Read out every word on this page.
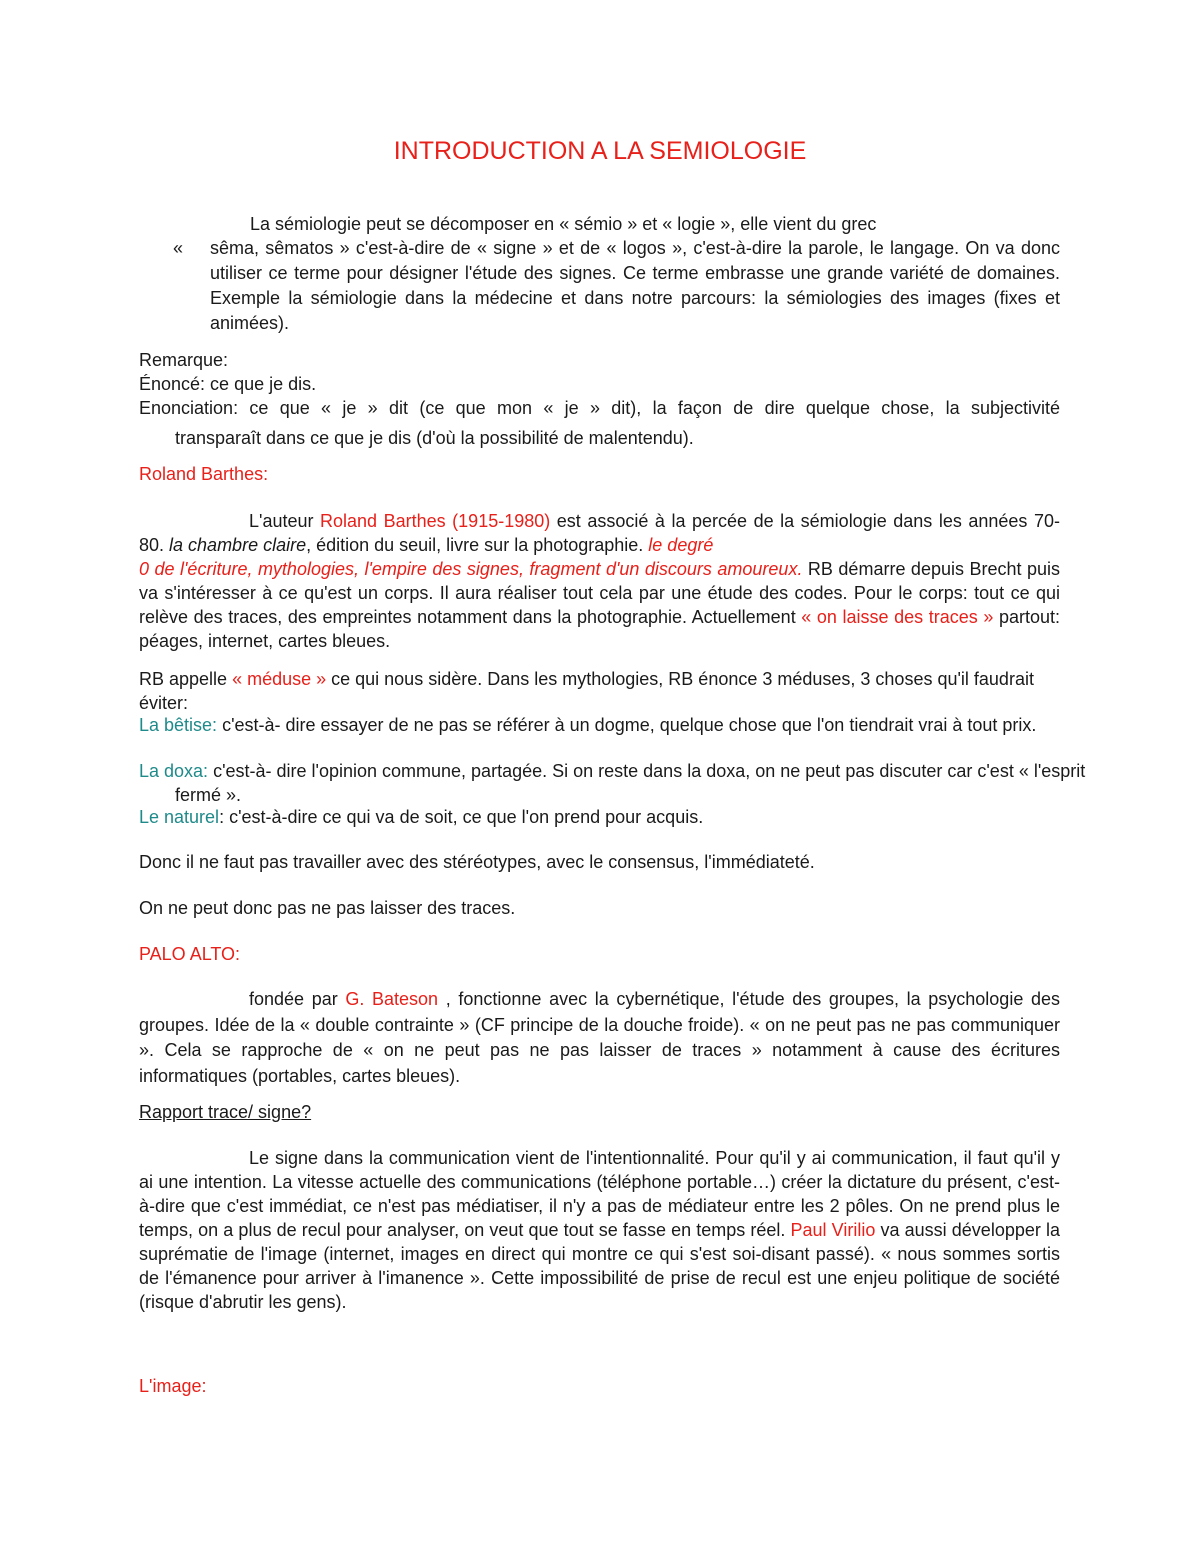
INTRODUCTION A LA SEMIOLOGIE
La sémiologie peut se décomposer en « sémio » et « logie », elle vient du grec
« sêma, sêmatos » c'est-à-dire de « signe » et de « logos », c'est-à-dire la parole, le langage. On va donc utiliser ce terme pour désigner l'étude des signes. Ce terme embrasse une grande variété de domaines. Exemple la sémiologie dans la médecine et dans notre parcours: la sémiologies des images (fixes et animées).
Remarque:
Énoncé: ce que je dis.
Enonciation: ce que « je » dit (ce que mon « je » dit), la façon de dire quelque chose, la subjectivité
transparaît dans ce que je dis (d'où la possibilité de malentendu).
Roland Barthes:
L'auteur Roland Barthes (1915-1980) est associé à la percée de la sémiologie dans les années 70-80. la chambre claire, édition du seuil, livre sur la photographie. le degré
0 de l'écriture, mythologies, l'empire des signes, fragment d'un discours amoureux. RB démarre depuis Brecht puis va s'intéresser à ce qu'est un corps. Il aura réaliser tout cela par une étude des codes. Pour le corps: tout ce qui relève des traces, des empreintes notamment dans la photographie. Actuellement « on laisse des traces » partout: péages, internet, cartes bleues.
RB appelle « méduse » ce qui nous sidère. Dans les mythologies, RB énonce 3 méduses, 3 choses qu'il faudrait éviter:
La bêtise: c'est-à- dire essayer de ne pas se référer à un dogme, quelque chose que l'on tiendrait vrai à tout prix.
La doxa: c'est-à- dire l'opinion commune, partagée. Si on reste dans la doxa, on ne peut pas discuter car c'est « l'esprit fermé ».
Le naturel: c'est-à-dire ce qui va de soit, ce que l'on prend pour acquis.
Donc il ne faut pas travailler avec des stéréotypes, avec le consensus, l'immédiateté.
On ne peut donc pas ne pas laisser des traces.
PALO ALTO:
fondée par G. Bateson , fonctionne avec la cybernétique, l'étude des groupes, la psychologie des groupes. Idée de la « double contrainte » (CF principe de la douche froide). « on ne peut pas ne pas communiquer ». Cela se rapproche de « on ne peut pas ne pas laisser de traces » notamment à cause des écritures informatiques (portables, cartes bleues).
Rapport trace/ signe?
Le signe dans la communication vient de l'intentionnalité. Pour qu'il y ai communication, il faut qu'il y ai une intention. La vitesse actuelle des communications (téléphone portable…) créer la dictature du présent, c'est-à-dire que c'est immédiat, ce n'est pas médiatiser, il n'y a pas de médiateur entre les 2 pôles. On ne prend plus le temps, on a plus de recul pour analyser, on veut que tout se fasse en temps réel. Paul Virilio va aussi développer la suprématie de l'image (internet, images en direct qui montre ce qui s'est soi-disant passé). « nous sommes sortis de l'émanence pour arriver à l'imanence ». Cette impossibilité de prise de recul est une enjeu politique de société (risque d'abrutir les gens).
L'image:
